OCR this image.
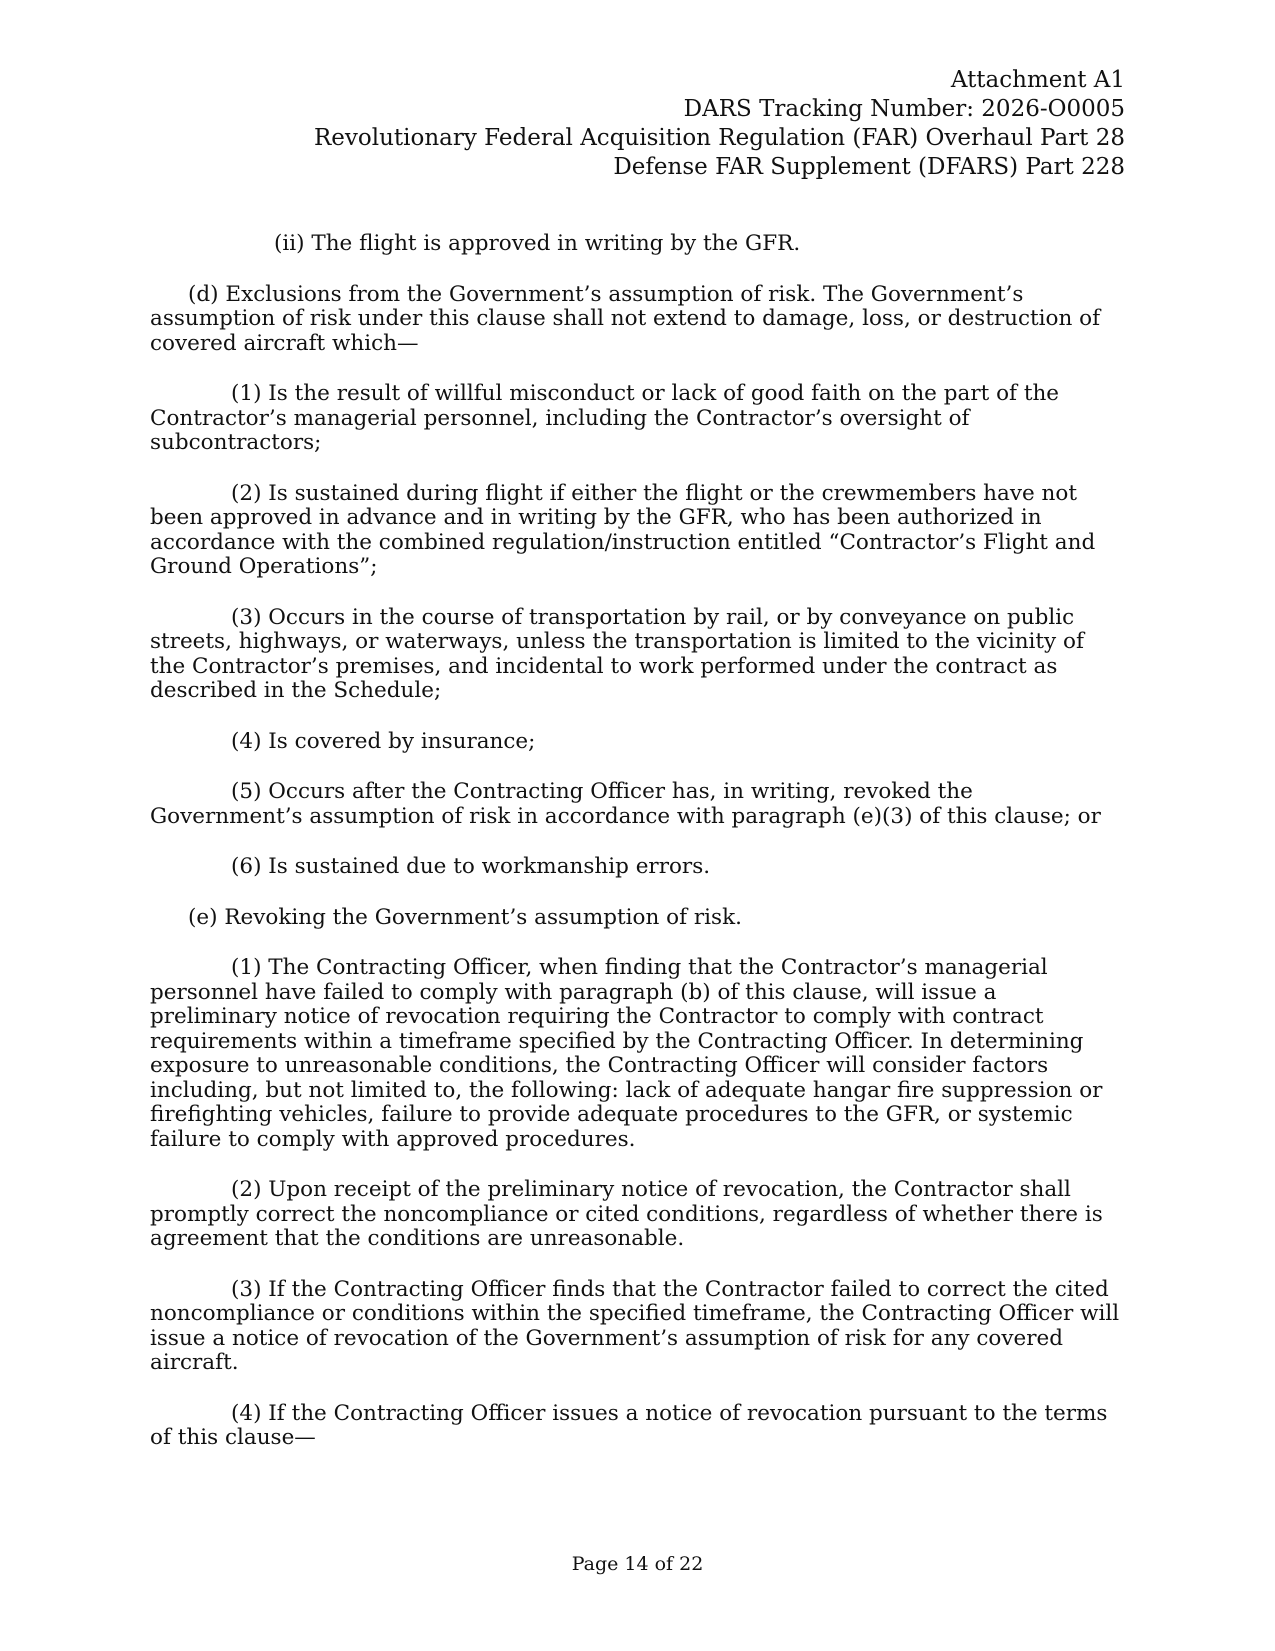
Attachment A1
DARS Tracking Number: 2026-O0005
Revolutionary Federal Acquisition Regulation (FAR) Overhaul Part 28
Defense FAR Supplement (DFARS) Part 228

(ii) The flight is approved in writing by the GFR.

(d) Exclusions from the Government’s assumption of risk. The Government’s assumption of risk under this clause shall not extend to damage, loss, or destruction of covered aircraft which—

(1) Is the result of willful misconduct or lack of good faith on the part of the Contractor’s managerial personnel, including the Contractor’s oversight of subcontractors;

(2) Is sustained during flight if either the flight or the crewmembers have not been approved in advance and in writing by the GFR, who has been authorized in accordance with the combined regulation/instruction entitled “Contractor’s Flight and Ground Operations”;

(3) Occurs in the course of transportation by rail, or by conveyance on public streets, highways, or waterways, unless the transportation is limited to the vicinity of the Contractor’s premises, and incidental to work performed under the contract as described in the Schedule;

(4) Is covered by insurance;

(5) Occurs after the Contracting Officer has, in writing, revoked the Government’s assumption of risk in accordance with paragraph (e)(3) of this clause; or

(6) Is sustained due to workmanship errors.

(e) Revoking the Government’s assumption of risk.

(1) The Contracting Officer, when finding that the Contractor’s managerial personnel have failed to comply with paragraph (b) of this clause, will issue a preliminary notice of revocation requiring the Contractor to comply with contract requirements within a timeframe specified by the Contracting Officer. In determining exposure to unreasonable conditions, the Contracting Officer will consider factors including, but not limited to, the following: lack of adequate hangar fire suppression or firefighting vehicles, failure to provide adequate procedures to the GFR, or systemic failure to comply with approved procedures.

(2) Upon receipt of the preliminary notice of revocation, the Contractor shall promptly correct the noncompliance or cited conditions, regardless of whether there is agreement that the conditions are unreasonable.

(3) If the Contracting Officer finds that the Contractor failed to correct the cited noncompliance or conditions within the specified timeframe, the Contracting Officer will issue a notice of revocation of the Government’s assumption of risk for any covered aircraft.

(4) If the Contracting Officer issues a notice of revocation pursuant to the terms of this clause—

Page 14 of 22
